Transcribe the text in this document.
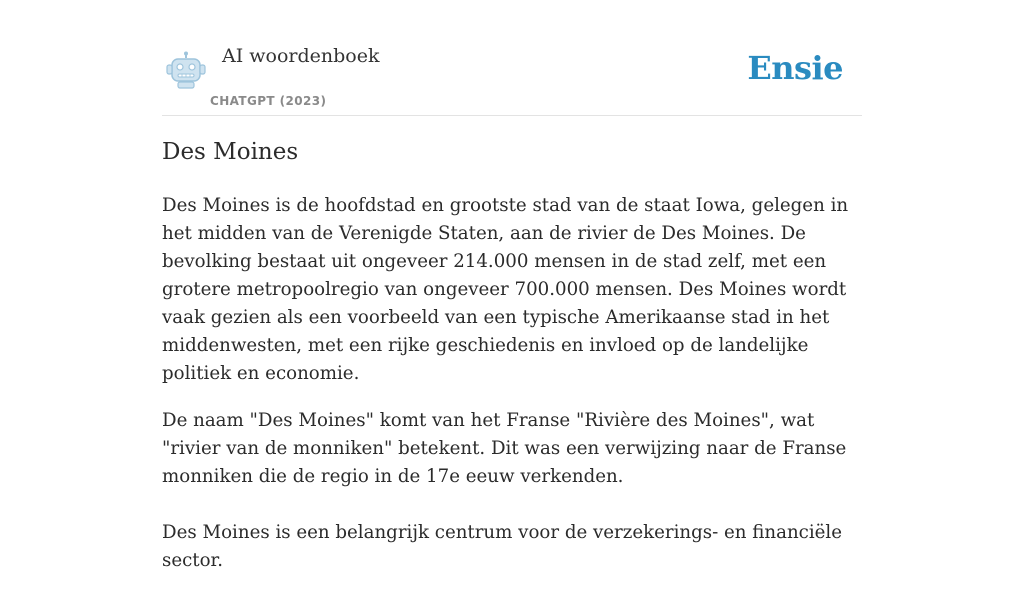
AI woordenboek
CHATGPT (2023)
Ensie
Des Moines

Des Moines is de hoofdstad en grootste stad van de staat Iowa, gelegen in het midden van de Verenigde Staten, aan de rivier de Des Moines. De bevolking bestaat uit ongeveer 214.000 mensen in de stad zelf, met een grotere metropoolregio van ongeveer 700.000 mensen. Des Moines wordt vaak gezien als een voorbeeld van een typische Amerikaanse stad in het middenwesten, met een rijke geschiedenis en invloed op de landelijke politiek en economie.

De naam "Des Moines" komt van het Franse "Rivière des Moines", wat "rivier van de monniken" betekent. Dit was een verwijzing naar de Franse monniken die de regio in de 17e eeuw verkenden.

Des Moines is een belangrijk centrum voor de verzekerings- en financiële sector.
